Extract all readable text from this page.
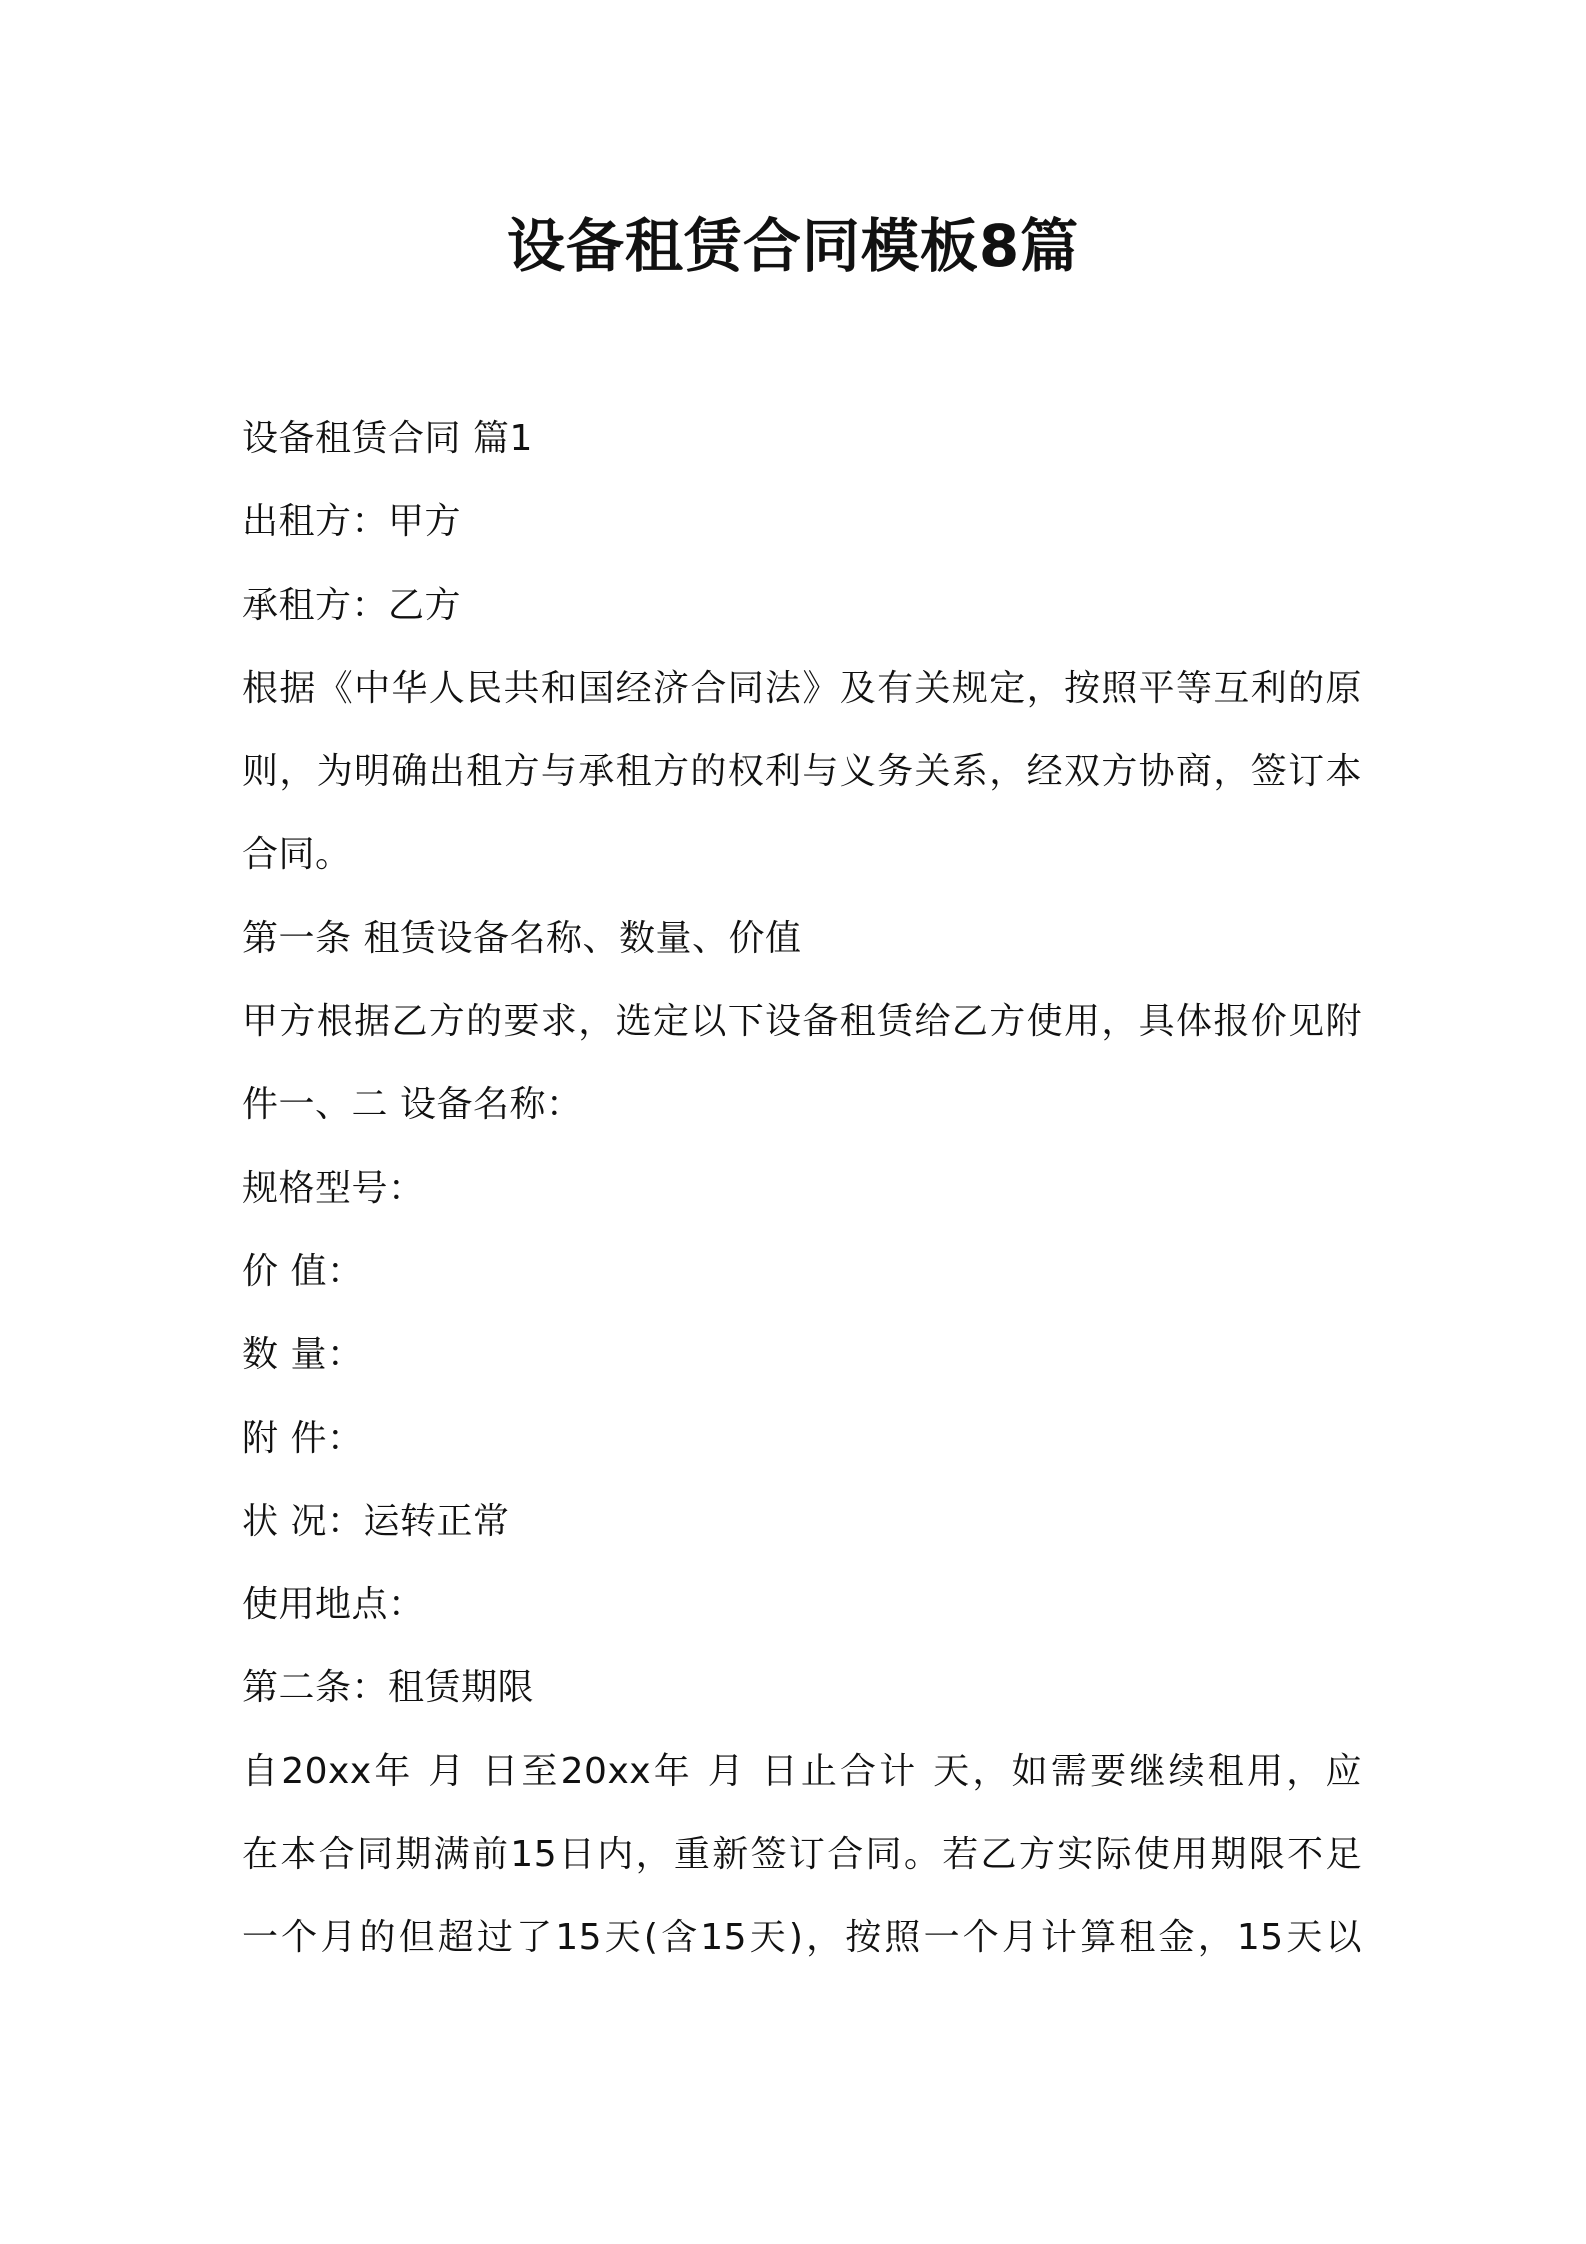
设备租赁合同模板8篇
设备租赁合同 篇1
出租方：甲方
承租方：乙方
根据《中华人民共和国经济合同法》及有关规定，按照平等互利的原
则，为明确出租方与承租方的权利与义务关系，经双方协商，签订本
合同。
第一条 租赁设备名称、数量、价值
甲方根据乙方的要求，选定以下设备租赁给乙方使用，具体报价见附
件一、二 设备名称：
规格型号：
价 值：
数 量：
附 件：
状 况：运转正常
使用地点：
第二条：租赁期限
自20xx年 月 日至20xx年 月 日止合计 天，如需要继续租用，应
在本合同期满前15日内，重新签订合同。若乙方实际使用期限不足
一个月的但超过了15天(含15天)，按照一个月计算租金，15天以
